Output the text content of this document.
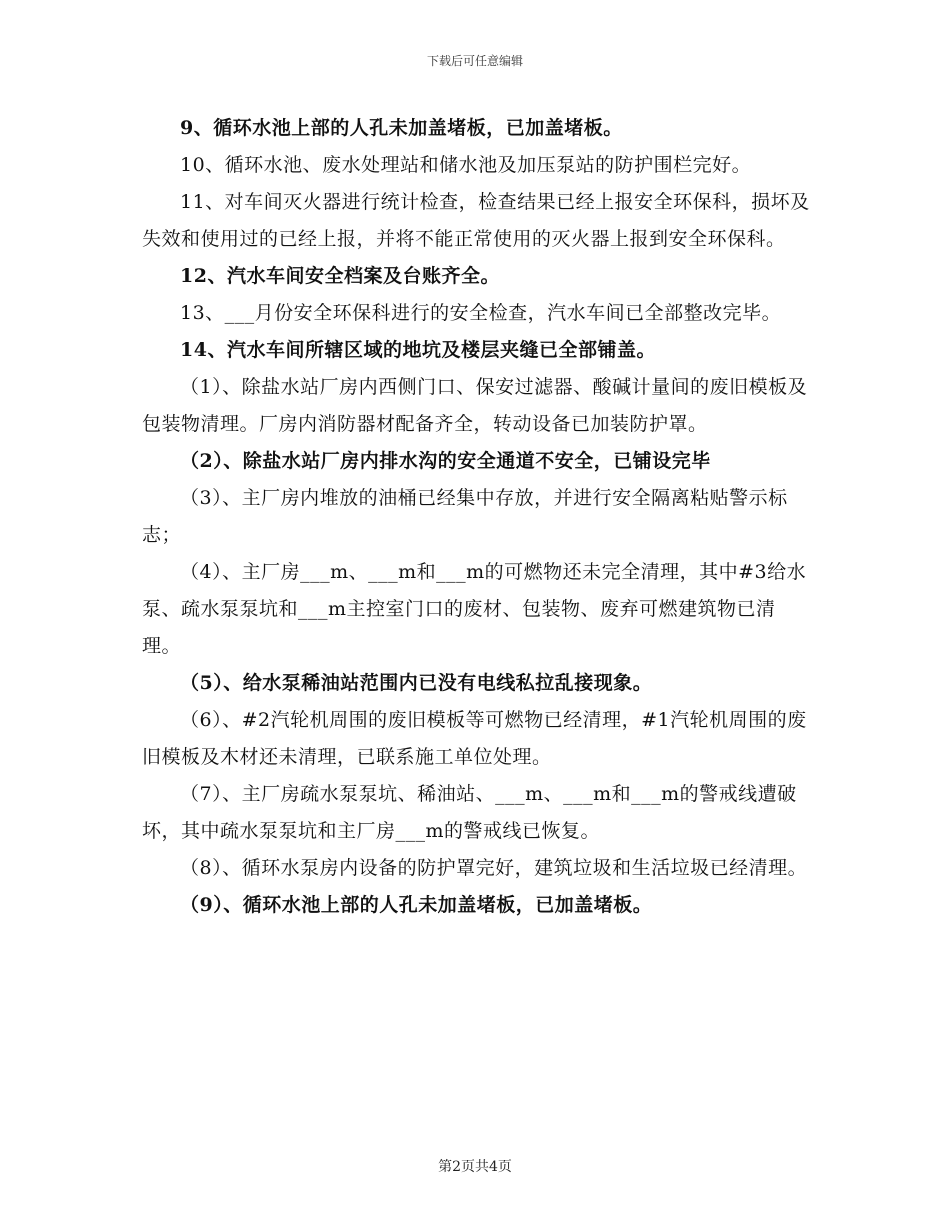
下载后可任意编辑

9、循环水池上部的人孔未加盖堵板，已加盖堵板。

10、循环水池、废水处理站和储水池及加压泵站的防护围栏完好。

11、对车间灭火器进行统计检查，检查结果已经上报安全环保科，损坏及失效和使用过的已经上报，并将不能正常使用的灭火器上报到安全环保科。

12、汽水车间安全档案及台账齐全。

13、___月份安全环保科进行的安全检查，汽水车间已全部整改完毕。

14、汽水车间所辖区域的地坑及楼层夹缝已全部铺盖。

（1）、除盐水站厂房内西侧门口、保安过滤器、酸碱计量间的废旧模板及包装物清理。厂房内消防器材配备齐全，转动设备已加装防护罩。

（2）、除盐水站厂房内排水沟的安全通道不安全，已铺设完毕

（3）、主厂房内堆放的油桶已经集中存放，并进行安全隔离粘贴警示标志；

（4）、主厂房___m、___m和___m的可燃物还未完全清理，其中#3给水泵、疏水泵泵坑和___m主控室门口的废材、包装物、废弃可燃建筑物已清理。

（5）、给水泵稀油站范围内已没有电线私拉乱接现象。

（6）、#2汽轮机周围的废旧模板等可燃物已经清理，#1汽轮机周围的废旧模板及木材还未清理，已联系施工单位处理。

（7）、主厂房疏水泵泵坑、稀油站、___m、___m和___m的警戒线遭破坏，其中疏水泵泵坑和主厂房___m的警戒线已恢复。

（8）、循环水泵房内设备的防护罩完好，建筑垃圾和生活垃圾已经清理。

（9）、循环水池上部的人孔未加盖堵板，已加盖堵板。

第2页共4页
